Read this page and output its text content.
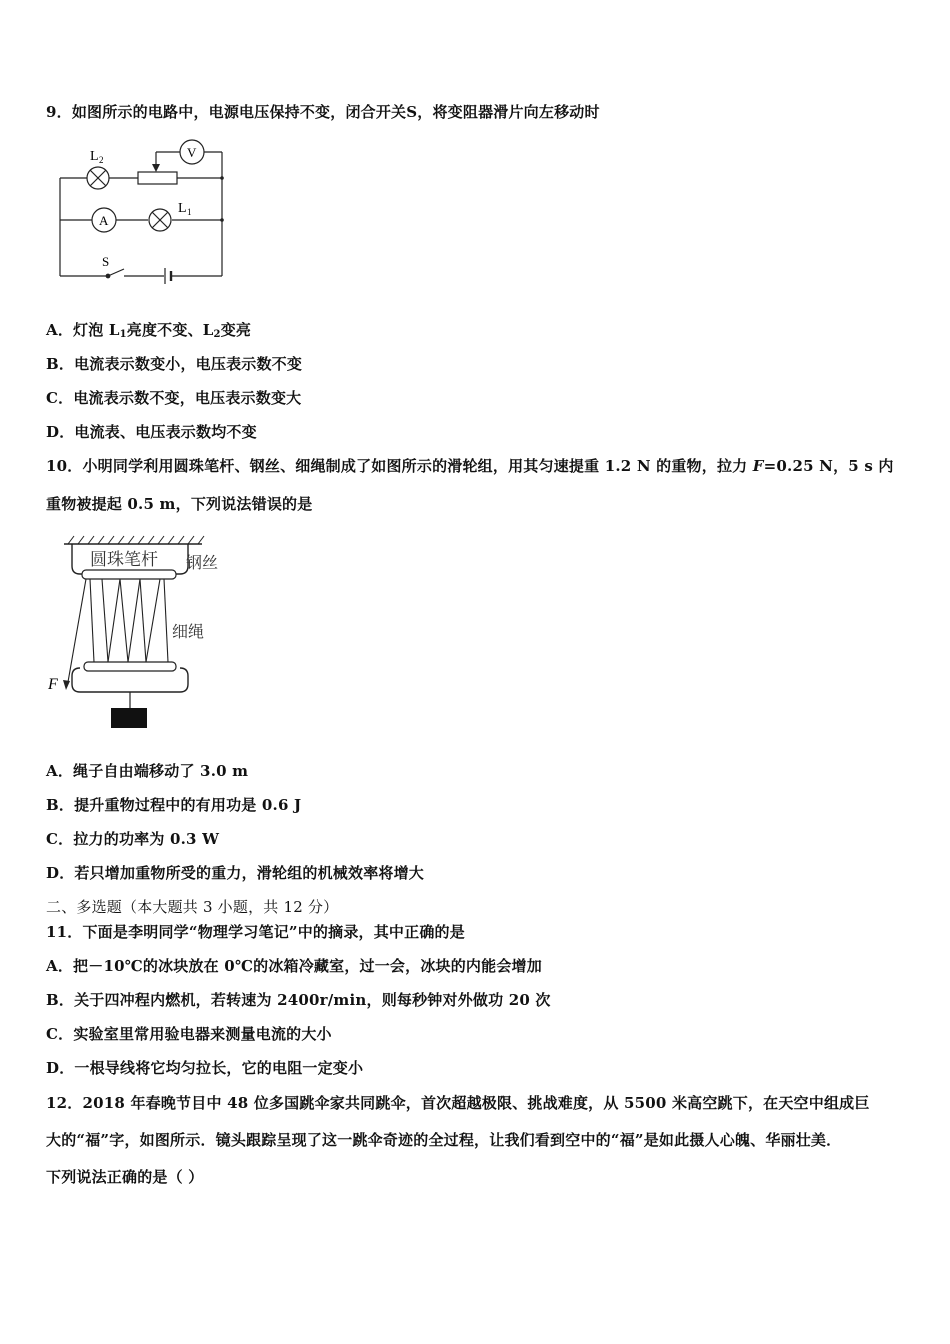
9．如图所示的电路中，电源电压保持不变，闭合开关S，将变阻器滑片向左移动时
L 2	V
A
L 1
S
A．灯泡 $L_1$亮度不变、$L_2$变亮
B．电流表示数变小，电压表示数不变
C．电流表示数不变，电压表示数变大
D．电流表、电压表示数均不变
10．小明同学利用圆珠笔杆、钢丝、细绳制成了如图所示的滑轮组，用其匀速提重 1.2 N 的重物，拉力 F=0.25 N，5 s 内
重物被提起 0.5 m，下列说法错误的是
圆珠笔杆 钢丝
F
细绳
A．绳子自由端移动了 3.0 m
B．提升重物过程中的有用功是 0.6 J
C．拉力的功率为 0.3 W
D．若只增加重物所受的重力，滑轮组的机械效率将增大
二、多选题（本大题共 3 小题，共 12 分）
11．下面是李明同学“物理学习笔记”中的摘录，其中正确的是
A．把－10℃的冰块放在 0℃的冰箱冷藏室，过一会，冰块的内能会增加
B．关于四冲程内燃机，若转速为 2400r/min，则每秒钟对外做功 20 次
C．实验室里常用验电器来测量电流的大小
D．一根导线将它均匀拉长，它的电阻一定变小
12．2018 年春晚节目中 48 位多国跳伞家共同跳伞，首次超越极限、挑战难度，从 5500 米高空跳下，在天空中组成巨
大的“福”字，如图所示．镜头跟踪呈现了这一跳伞奇迹的全过程，让我们看到空中的“福”是如此摄人心魄、华丽壮美．
下列说法正确的是（ ）
